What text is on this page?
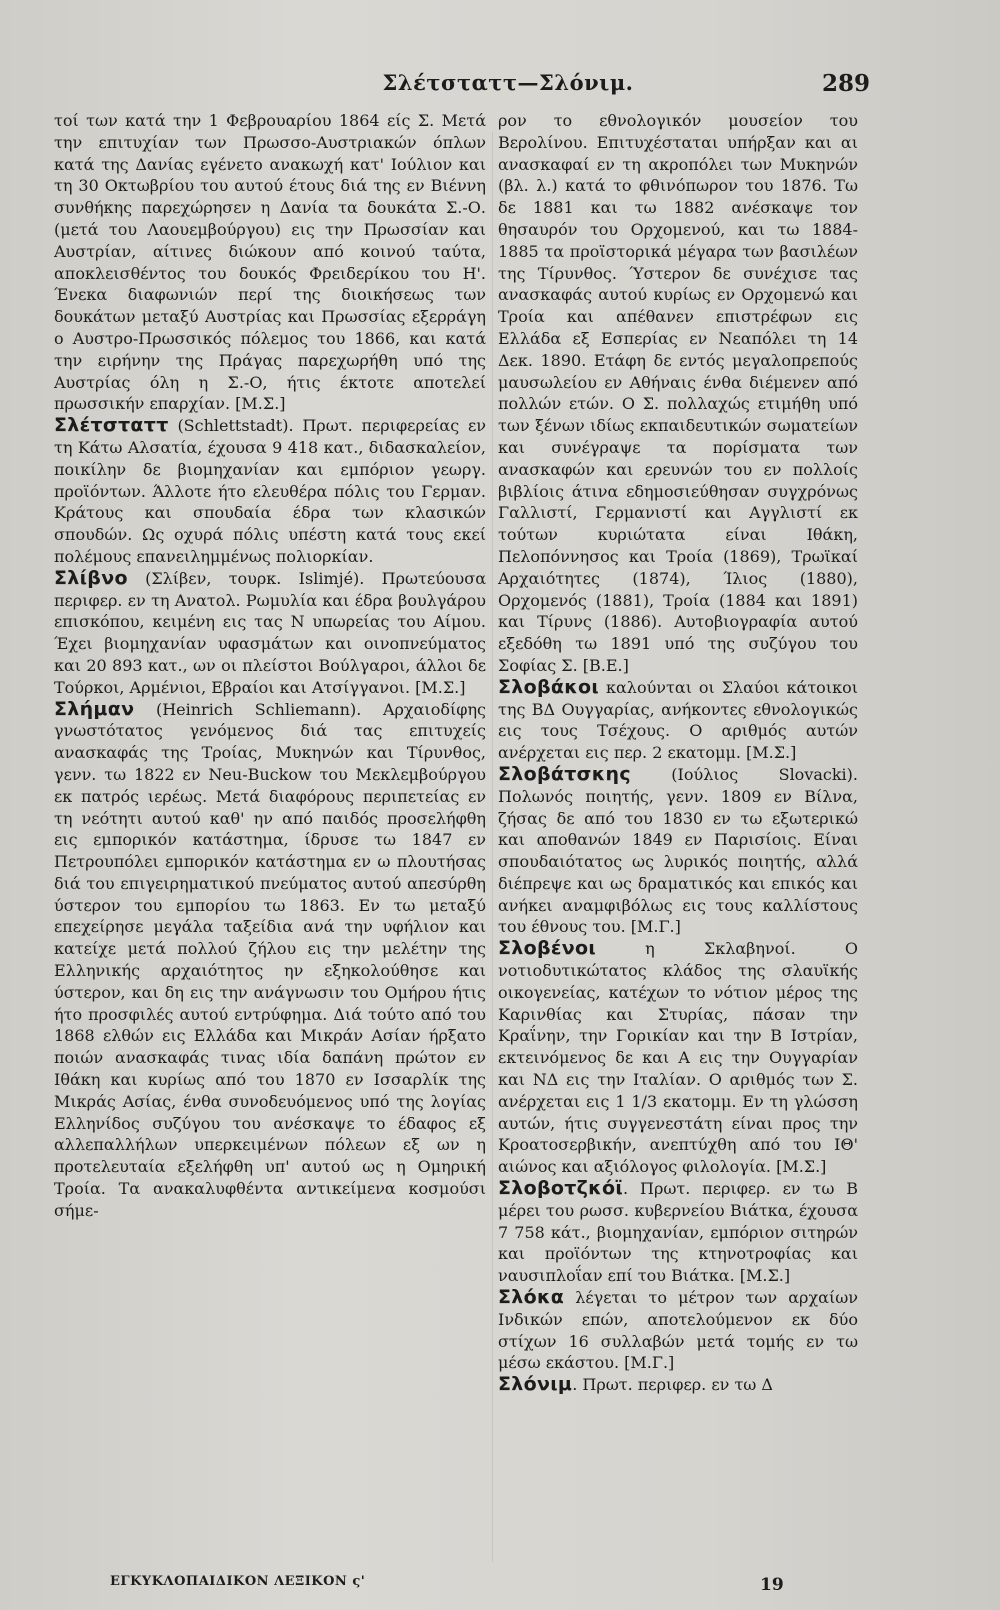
Σλέτσταττ—Σλόνιμ.	289

τοί των κατά την 1 Φεβρουαρίου 1864 είς Σ. Μετά την επιτυχίαν των Πρωσσο-Αυστριακών όπλων κατά της Δανίας εγένετο ανακωχή κατ' Ιούλιον και τη 30 Οκτωβρίου του αυτού έτους διά της εν Βιέννη συνθήκης παρεχώρησεν η Δανία τα δουκάτα Σ.-Ο. (μετά του Λαουεμβούργου) εις την Πρωσσίαν και Αυστρίαν, αίτινες διώκουν από κοινού ταύτα, αποκλεισθέντος του δουκός Φρειδερίκου του Η'. Ένεκα διαφωνιών περί της διοικήσεως των δουκάτων μεταξύ Αυστρίας και Πρωσσίας εξερράγη ο Αυστρο-Πρωσσικός πόλεμος του 1866, και κατά την ειρήνην της Πράγας παρεχωρήθη υπό της Αυστρίας όλη η Σ.-Ο, ήτις έκτοτε αποτελεί πρωσσικήν επαρχίαν. [Μ.Σ.]

Σλέτσταττ (Schlettstadt). Πρωτ. περιφερείας εν τη Κάτω Αλσατία, έχουσα 9 418 κατ., διδασκαλείον, ποικίλην δε βιομηχανίαν και εμπόριον γεωργ. προϊόντων. Άλλοτε ήτο ελευθέρα πόλις του Γερμαν. Κράτους και σπουδαία έδρα των κλασικών σπουδών. Ως οχυρά πόλις υπέστη κατά τους εκεί πολέμους επανειλημμένως πολιορκίαν.

Σλίβνο (Σλίβεν, τουρκ. Islimjé). Πρωτεύουσα περιφερ. εν τη Ανατολ. Ρωμυλία και έδρα βουλγάρου επισκόπου, κειμένη εις τας Ν υπωρείας του Αίμου. Έχει βιομηχανίαν υφασμάτων και οινοπνεύματος και 20 893 κατ., ων οι πλείστοι Βούλγαροι, άλλοι δε Τούρκοι, Αρμένιοι, Εβραίοι και Ατσίγγανοι. [Μ.Σ.]

Σλήμαν (Heinrich Schliemann). Αρχαιοδίφης γνωστότατος γενόμενος διά τας επιτυχείς ανασκαφάς της Τροίας, Μυκηνών και Τίρυνθος, γενν. τω 1822 εν Neu-Buckow του Μεκλεμβούργου εκ πατρός ιερέως. Μετά διαφόρους περιπετείας εν τη νεότητι αυτού καθ' ην από παιδός προσελήφθη εις εμπορικόν κατάστημα, ίδρυσε τω 1847 εν Πετρουπόλει εμπορικόν κατάστημα εν ω πλουτήσας διά του επιγειρηματικού πνεύματος αυτού απεσύρθη ύστερον του εμπορίου τω 1863. Εν τω μεταξύ επεχείρησε μεγάλα ταξείδια ανά την υφήλιον και κατείχε μετά πολλού ζήλου εις την μελέτην της Ελληνικής αρχαιότητος ην εξηκολούθησε και ύστερον, και δη εις την ανάγνωσιν του Ομήρου ήτις ήτο προσφιλές αυτού εντρύφημα. Διά τούτο από του 1868 ελθών εις Ελλάδα και Μικράν Ασίαν ήρξατο ποιών ανασκαφάς τινας ιδία δαπάνη πρώτον εν Ιθάκη και κυρίως από του 1870 εν Ισσαρλίκ της Μικράς Ασίας, ένθα συνοδευόμενος υπό της λογίας Ελληνίδος συζύγου του ανέσκαψε το έδαφος εξ αλλεπαλλήλων υπερκειμένων πόλεων εξ ων η προτελευταία εξελήφθη υπ' αυτού ως η Ομηρική Τροία. Τα ανακαλυφθέντα αντικείμενα κοσμούσι σήμε-

ρον το εθνολογικόν μουσείον του Βερολίνου. Επιτυχέσταται υπήρξαν και αι ανασκαφαί εν τη ακροπόλει των Μυκηνών (βλ. λ.) κατά το φθινόπωρον του 1876. Τω δε 1881 και τω 1882 ανέσκαψε τον θησαυρόν του Ορχομενού, και τω 1884-1885 τα προϊστορικά μέγαρα των βασιλέων της Τίρυνθος. Ύστερον δε συνέχισε τας ανασκαφάς αυτού κυρίως εν Ορχομενώ και Τροία και απέθανεν επιστρέφων εις Ελλάδα εξ Εσπερίας εν Νεαπόλει τη 14 Δεκ. 1890. Ετάφη δε εντός μεγαλοπρεπούς μαυσωλείου εν Αθήναις ένθα διέμενεν από πολλών ετών. Ο Σ. πολλαχώς ετιμήθη υπό των ξένων ιδίως εκπαιδευτικών σωματείων και συνέγραψε τα πορίσματα των ανασκαφών και ερευνών του εν πολλοίς βιβλίοις άτινα εδημοσιεύθησαν συγχρόνως Γαλλιστί, Γερμανιστί και Αγγλιστί εκ τούτων κυριώτατα είναι Ιθάκη, Πελοπόννησος και Τροία (1869), Τρωϊκαί Αρχαιότητες (1874), Ίλιος (1880), Ορχομενός (1881), Τροία (1884 και 1891) και Τίρυνς (1886). Αυτοβιογραφία αυτού εξεδόθη τω 1891 υπό της συζύγου του Σοφίας Σ. [Β.Ε.]

Σλοβάκοι καλούνται οι Σλαύοι κάτοικοι της ΒΔ Ουγγαρίας, ανήκοντες εθνολογικώς εις τους Τσέχους. Ο αριθμός αυτών ανέρχεται εις περ. 2 εκατομμ. [Μ.Σ.]

Σλοβάτσκης (Ιούλιος Slovacki). Πολωνός ποιητής, γενν. 1809 εν Βίλνα, ζήσας δε από του 1830 εν τω εξωτερικώ και αποθανών 1849 εν Παρισίοις. Είναι σπουδαιότατος ως λυρικός ποιητής, αλλά διέπρεψε και ως δραματικός και επικός και ανήκει αναμφιβόλως εις τους καλλίστους του έθνους του. [Μ.Γ.]

Σλοβένοι η Σκλαβηνοί. Ο νοτιοδυτικώτατος κλάδος της σλαυϊκής οικογενείας, κατέχων το νότιον μέρος της Καρινθίας και Στυρίας, πάσαν την Κραΐνην, την Γορικίαν και την Β Ιστρίαν, εκτεινόμενος δε και Α εις την Ουγγαρίαν και ΝΔ εις την Ιταλίαν. Ο αριθμός των Σ. ανέρχεται εις 1 1/3 εκατομμ. Εν τη γλώσση αυτών, ήτις συγγενεστάτη είναι προς την Κροατοσερβικήν, ανεπτύχθη από του ΙΘ' αιώνος και αξιόλογος φιλολογία. [Μ.Σ.]

Σλοβοτζκόϊ. Πρωτ. περιφερ. εν τω Β μέρει του ρωσσ. κυβερνείου Βιάτκα, έχουσα 7 758 κάτ., βιομηχανίαν, εμπόριον σιτηρών και προϊόντων της κτηνοτροφίας και ναυσιπλοΐαν επί του Βιάτκα. [Μ.Σ.]

Σλόκα λέγεται το μέτρον των αρχαίων Ινδικών επών, αποτελούμενον εκ δύο στίχων 16 συλλαβών μετά τομής εν τω μέσω εκάστου. [Μ.Γ.]

Σλόνιμ. Πρωτ. περιφερ. εν τω Δ

ΕΓΚΥΚΛΟΠΑΙΔΙΚΟΝ ΛΕΞΙΚΟΝ ς'	19
